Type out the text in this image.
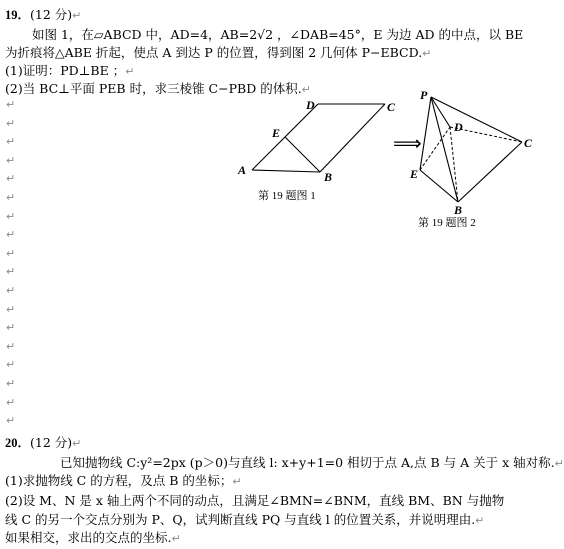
19．(12 分)↵
如图 1，在▱ABCD 中，AD=4，AB=2√2 ，∠DAB=45°，E 为边 AD 的中点，以 BE
为折痕将△ABE 折起，使点 A 到达 P 的位置，得到图 2 几何体 P−EBCD.↵
(1)证明：PD⊥BE ；↵
(2)当 BC⊥平面 PEB 时，求三棱锥 C−PBD 的体积.↵
↵
↵
↵
↵
↵
↵
↵
↵
↵
↵
↵
↵
↵
↵
↵
↵
↵
↵
A
D	C
E
B
第 19 题图 1
⟹
P
D
C
E
B
第 19 题图 2
20．(12 分)↵
已知抛物线 C:y²=2px (p＞0)与直线 l: x+y+1=0 相切于点 A,点 B 与 A 关于 x 轴对称.↵
(1)求抛物线 C 的方程，及点 B 的坐标；↵
(2)设 M、N 是 x 轴上两个不同的动点，且满足∠BMN=∠BNM，直线 BM、BN 与抛物
线 C 的另一个交点分别为 P、Q，试判断直线 PQ 与直线 l 的位置关系，并说明理由.↵
如果相交，求出的交点的坐标.↵
